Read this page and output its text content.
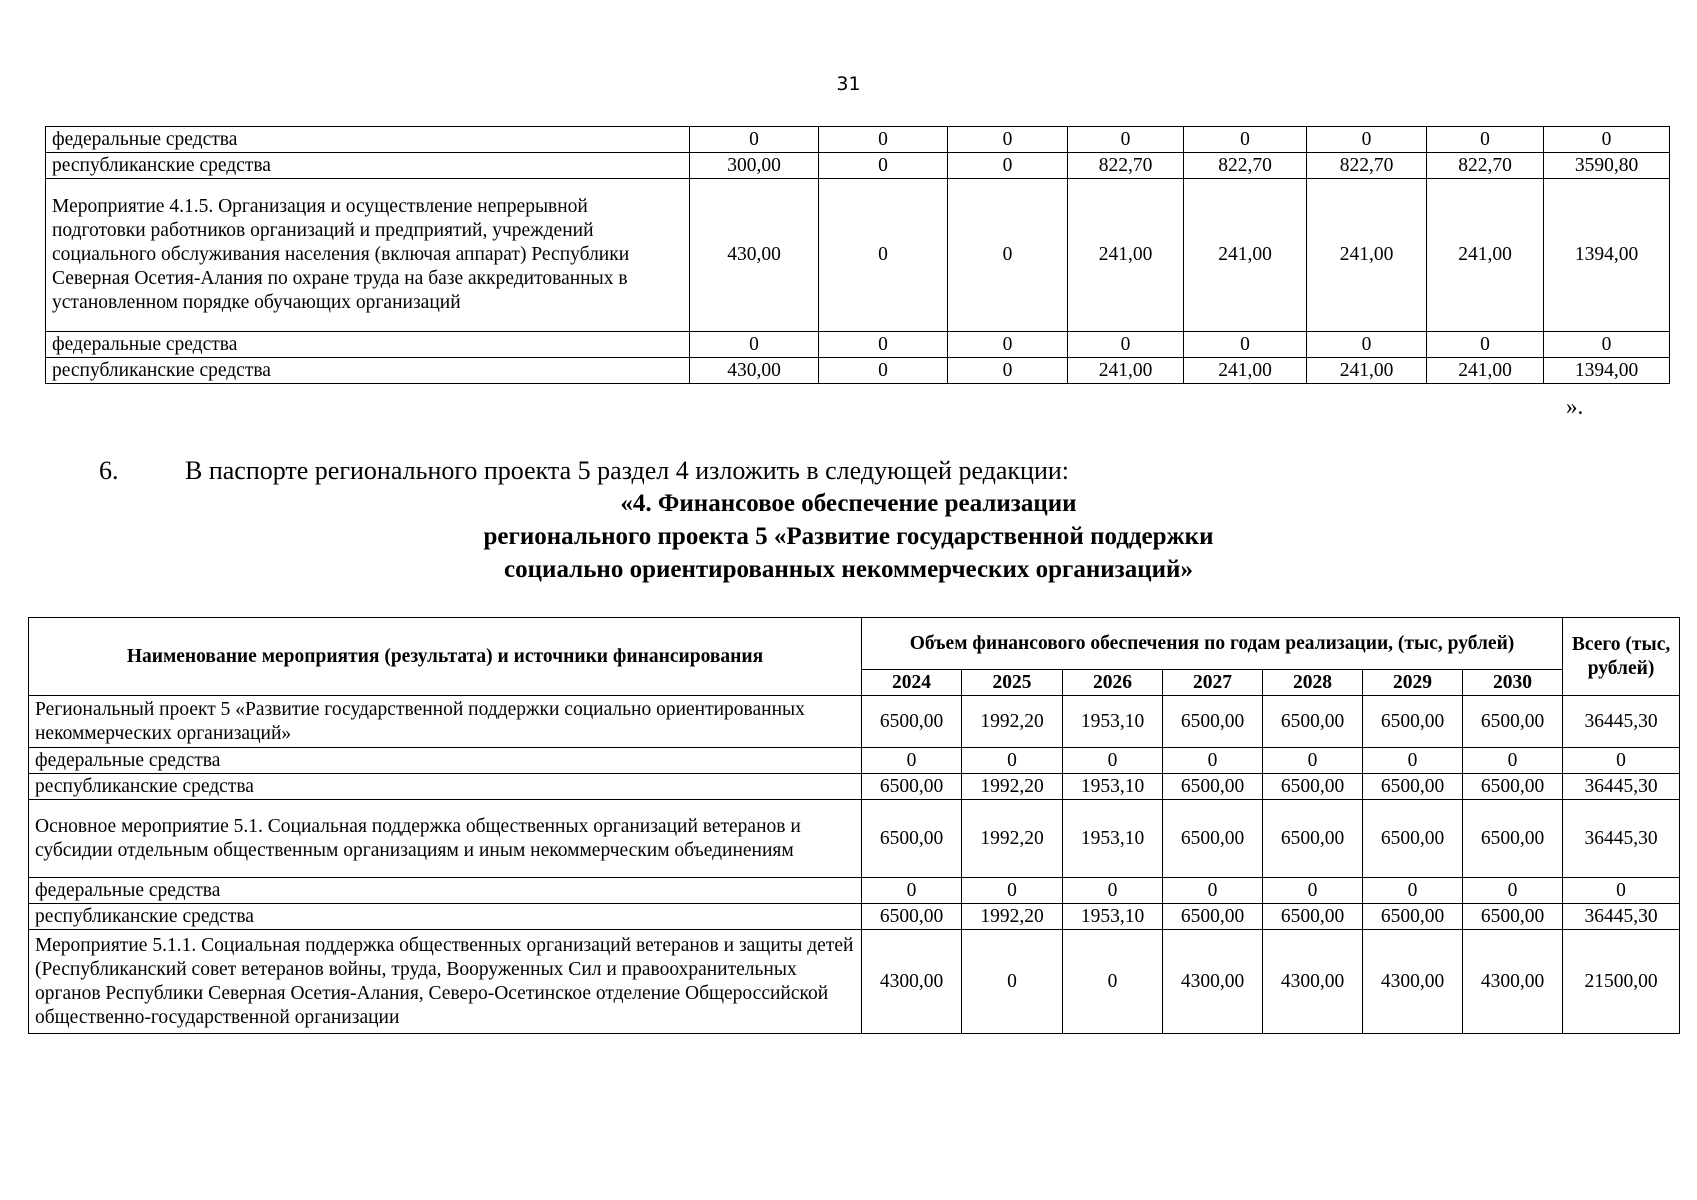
31
федеральные средства	0	0	0	0	0	0	0	0
республиканские средства	300,00	0	0	822,70	822,70	822,70	822,70	3590,80
Мероприятие 4.1.5. Организация и осуществление непрерывной подготовки работников организаций и предприятий, учреждений социального обслуживания населения (включая аппарат) Республики Северная Осетия-Алания по охране труда на базе аккредитованных в установленном порядке обучающих организаций	430,00	0	0	241,00	241,00	241,00	241,00	1394,00
федеральные средства	0	0	0	0	0	0	0	0
республиканские средства	430,00	0	0	241,00	241,00	241,00	241,00	1394,00
».
6.	В паспорте регионального проекта 5 раздел 4 изложить в следующей редакции:
«4. Финансовое обеспечение реализации
регионального проекта 5 «Развитие государственной поддержки
социально ориентированных некоммерческих организаций»
Наименование мероприятия (результата) и источники финансирования	Объем финансового обеспечения по годам реализации, (тыс, рублей)							Всего (тыс, рублей)
	2024	2025	2026	2027	2028	2029	2030	
Региональный проект 5 «Развитие государственной поддержки социально ориентированных некоммерческих организаций»	6500,00	1992,20	1953,10	6500,00	6500,00	6500,00	6500,00	36445,30
федеральные средства	0	0	0	0	0	0	0	0
республиканские средства	6500,00	1992,20	1953,10	6500,00	6500,00	6500,00	6500,00	36445,30
Основное мероприятие 5.1. Социальная поддержка общественных организаций ветеранов и субсидии отдельным общественным организациям и иным некоммерческим объединениям	6500,00	1992,20	1953,10	6500,00	6500,00	6500,00	6500,00	36445,30
федеральные средства	0	0	0	0	0	0	0	0
республиканские средства	6500,00	1992,20	1953,10	6500,00	6500,00	6500,00	6500,00	36445,30
Мероприятие 5.1.1. Социальная поддержка общественных организаций ветеранов и защиты детей (Республиканский совет ветеранов войны, труда, Вооруженных Сил и правоохранительных органов Республики Северная Осетия-Алания, Северо-Осетинское отделение Общероссийской общественно-государственной организации	4300,00	0	0	4300,00	4300,00	4300,00	4300,00	21500,00
